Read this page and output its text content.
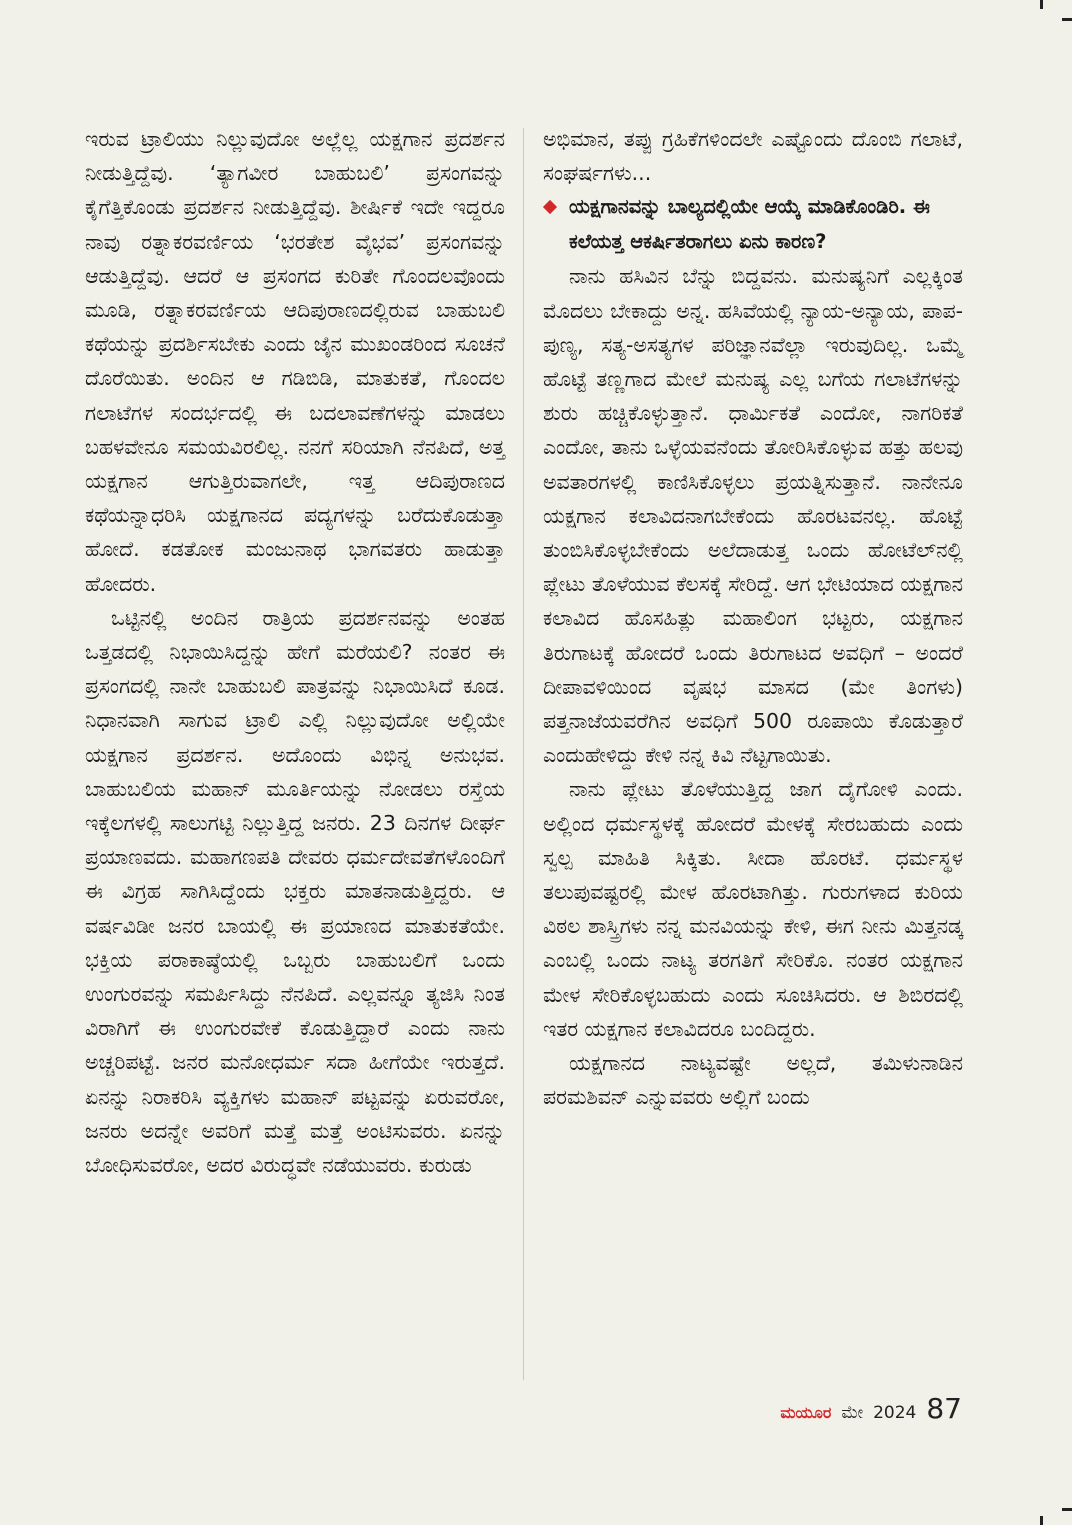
ಇರುವ ಟ್ರಾಲಿಯು ನಿಲ್ಲುವುದೋ ಅಲ್ಲೆಲ್ಲ ಯಕ್ಷಗಾನ ಪ್ರದರ್ಶನ ನೀಡುತ್ತಿದ್ದೆವು. ‘ತ್ಯಾಗವೀರ ಬಾಹುಬಲಿ’ ಪ್ರಸಂಗವನ್ನು ಕೈಗೆತ್ತಿಕೊಂಡು ಪ್ರದರ್ಶನ ನೀಡುತ್ತಿದ್ದೆವು. ಶೀರ್ಷಿಕೆ ಇದೇ ಇದ್ದರೂ ನಾವು ರತ್ನಾಕರವರ್ಣಿಯ ‘ಭರತೇಶ ವೈಭವ’ ಪ್ರಸಂಗವನ್ನು ಆಡುತ್ತಿದ್ದೆವು. ಆದರೆ ಆ ಪ್ರಸಂಗದ ಕುರಿತೇ ಗೊಂದಲವೊಂದು ಮೂಡಿ, ರತ್ನಾಕರವರ್ಣಿಯ ಆದಿಪುರಾಣದಲ್ಲಿರುವ ಬಾಹುಬಲಿ ಕಥೆಯನ್ನು ಪ್ರದರ್ಶಿಸಬೇಕು ಎಂದು ಜೈನ ಮುಖಂಡರಿಂದ ಸೂಚನೆ ದೊರೆಯಿತು. ಅಂದಿನ ಆ ಗಡಿಬಿಡಿ, ಮಾತುಕತೆ, ಗೊಂದಲ ಗಲಾಟೆಗಳ ಸಂದರ್ಭದಲ್ಲಿ ಈ ಬದಲಾವಣೆಗಳನ್ನು ಮಾಡಲು ಬಹಳವೇನೂ ಸಮಯವಿರಲಿಲ್ಲ. ನನಗೆ ಸರಿಯಾಗಿ ನೆನಪಿದೆ, ಅತ್ತ ಯಕ್ಷಗಾನ ಆಗುತ್ತಿರುವಾಗಲೇ, ಇತ್ತ ಆದಿಪುರಾಣದ ಕಥೆಯನ್ನಾಧರಿಸಿ ಯಕ್ಷಗಾನದ ಪದ್ಯಗಳನ್ನು ಬರೆದುಕೊಡುತ್ತಾ ಹೋದೆ. ಕಡತೋಕ ಮಂಜುನಾಥ ಭಾಗವತರು ಹಾಡುತ್ತಾ ಹೋದರು.

ಒಟ್ಟಿನಲ್ಲಿ ಅಂದಿನ ರಾತ್ರಿಯ ಪ್ರದರ್ಶನವನ್ನು ಅಂತಹ ಒತ್ತಡದಲ್ಲಿ ನಿಭಾಯಿಸಿದ್ದನ್ನು ಹೇಗೆ ಮರೆಯಲಿ? ನಂತರ ಈ ಪ್ರಸಂಗದಲ್ಲಿ ನಾನೇ ಬಾಹುಬಲಿ ಪಾತ್ರವನ್ನು ನಿಭಾಯಿಸಿದೆ ಕೂಡ. ನಿಧಾನವಾಗಿ ಸಾಗುವ ಟ್ರಾಲಿ ಎಲ್ಲಿ ನಿಲ್ಲುವುದೋ ಅಲ್ಲಿಯೇ ಯಕ್ಷಗಾನ ಪ್ರದರ್ಶನ. ಅದೊಂದು ವಿಭಿನ್ನ ಅನುಭವ. ಬಾಹುಬಲಿಯ ಮಹಾನ್ ಮೂರ್ತಿಯನ್ನು ನೋಡಲು ರಸ್ತೆಯ ಇಕ್ಕೆಲಗಳಲ್ಲಿ ಸಾಲುಗಟ್ಟಿ ನಿಲ್ಲುತ್ತಿದ್ದ ಜನರು. 23 ದಿನಗಳ ದೀರ್ಘ ಪ್ರಯಾಣವದು. ಮಹಾಗಣಪತಿ ದೇವರು ಧರ್ಮದೇವತೆಗಳೊಂದಿಗೆ ಈ ವಿಗ್ರಹ ಸಾಗಿಸಿದ್ದೆಂದು ಭಕ್ತರು ಮಾತನಾಡುತ್ತಿದ್ದರು. ಆ ವರ್ಷವಿಡೀ ಜನರ ಬಾಯಲ್ಲಿ ಈ ಪ್ರಯಾಣದ ಮಾತುಕತೆಯೇ. ಭಕ್ತಿಯ ಪರಾಕಾಷ್ಠೆಯಲ್ಲಿ ಒಬ್ಬರು ಬಾಹುಬಲಿಗೆ ಒಂದು ಉಂಗುರವನ್ನು ಸಮರ್ಪಿಸಿದ್ದು ನೆನಪಿದೆ. ಎಲ್ಲವನ್ನೂ ತ್ಯಜಿಸಿ ನಿಂತ ವಿರಾಗಿಗೆ ಈ ಉಂಗುರವೇಕೆ ಕೊಡುತ್ತಿದ್ದಾರೆ ಎಂದು ನಾನು ಅಚ್ಚರಿಪಟ್ಟೆ. ಜನರ ಮನೋಧರ್ಮ ಸದಾ ಹೀಗೆಯೇ ಇರುತ್ತದೆ. ಏನನ್ನು ನಿರಾಕರಿಸಿ ವ್ಯಕ್ತಿಗಳು ಮಹಾನ್ ಪಟ್ಟವನ್ನು ಏರುವರೋ, ಜನರು ಅದನ್ನೇ ಅವರಿಗೆ ಮತ್ತೆ ಮತ್ತೆ ಅಂಟಿಸುವರು. ಏನನ್ನು ಬೋಧಿಸುವರೋ, ಅದರ ವಿರುದ್ಧವೇ ನಡೆಯುವರು. ಕುರುಡು

ಅಭಿಮಾನ, ತಪ್ಪು ಗ್ರಹಿಕೆಗಳಿಂದಲೇ ಎಷ್ಟೊಂದು ದೊಂಬಿ ಗಲಾಟೆ, ಸಂಘರ್ಷಗಳು...

ಯಕ್ಷಗಾನವನ್ನು ಬಾಲ್ಯದಲ್ಲಿಯೇ ಆಯ್ಕೆ ಮಾಡಿಕೊಂಡಿರಿ. ಈ ಕಲೆಯತ್ತ ಆಕರ್ಷಿತರಾಗಲು ಏನು ಕಾರಣ?

ನಾನು ಹಸಿವಿನ ಬೆನ್ನು ಬಿದ್ದವನು. ಮನುಷ್ಯನಿಗೆ ಎಲ್ಲಕ್ಕಿಂತ ಮೊದಲು ಬೇಕಾದ್ದು ಅನ್ನ. ಹಸಿವೆಯಲ್ಲಿ ನ್ಯಾಯ-ಅನ್ಯಾಯ, ಪಾಪ-ಪುಣ್ಯ, ಸತ್ಯ-ಅಸತ್ಯಗಳ ಪರಿಜ್ಞಾನವೆಲ್ಲಾ ಇರುವುದಿಲ್ಲ. ಒಮ್ಮೆ ಹೊಟ್ಟೆ ತಣ್ಣಗಾದ ಮೇಲೆ ಮನುಷ್ಯ ಎಲ್ಲ ಬಗೆಯ ಗಲಾಟೆಗಳನ್ನು ಶುರು ಹಚ್ಚಿಕೊಳ್ಳುತ್ತಾನೆ. ಧಾರ್ಮಿಕತೆ ಎಂದೋ, ನಾಗರಿಕತೆ ಎಂದೋ, ತಾನು ಒಳ್ಳೆಯವನೆಂದು ತೋರಿಸಿಕೊಳ್ಳುವ ಹತ್ತು ಹಲವು ಅವತಾರಗಳಲ್ಲಿ ಕಾಣಿಸಿಕೊಳ್ಳಲು ಪ್ರಯತ್ನಿಸುತ್ತಾನೆ. ನಾನೇನೂ ಯಕ್ಷಗಾನ ಕಲಾವಿದನಾಗಬೇಕೆಂದು ಹೊರಟವನಲ್ಲ. ಹೊಟ್ಟೆ ತುಂಬಿಸಿಕೊಳ್ಳಬೇಕೆಂದು ಅಲೆದಾಡುತ್ತ ಒಂದು ಹೋಟೆಲ್‌ನಲ್ಲಿ ಪ್ಲೇಟು ತೊಳೆಯುವ ಕೆಲಸಕ್ಕೆ ಸೇರಿದ್ದೆ. ಆಗ ಭೇಟಿಯಾದ ಯಕ್ಷಗಾನ ಕಲಾವಿದ ಹೊಸಹಿತ್ಲು ಮಹಾಲಿಂಗ ಭಟ್ಟರು, ಯಕ್ಷಗಾನ ತಿರುಗಾಟಕ್ಕೆ ಹೋದರೆ ಒಂದು ತಿರುಗಾಟದ ಅವಧಿಗೆ – ಅಂದರೆ ದೀಪಾವಳಿಯಿಂದ ವೃಷಭ ಮಾಸದ (ಮೇ ತಿಂಗಳು) ಪತ್ತನಾಜೆಯವರೆಗಿನ ಅವಧಿಗೆ 500 ರೂಪಾಯಿ ಕೊಡುತ್ತಾರೆ ಎಂದುಹೇಳಿದ್ದು ಕೇಳಿ ನನ್ನ ಕಿವಿ ನೆಟ್ಟಗಾಯಿತು.

ನಾನು ಪ್ಲೇಟು ತೊಳೆಯುತ್ತಿದ್ದ ಜಾಗ ದೈಗೋಳಿ ಎಂದು. ಅಲ್ಲಿಂದ ಧರ್ಮಸ್ಥಳಕ್ಕೆ ಹೋದರೆ ಮೇಳಕ್ಕೆ ಸೇರಬಹುದು ಎಂದು ಸ್ವಲ್ಪ ಮಾಹಿತಿ ಸಿಕ್ಕಿತು. ಸೀದಾ ಹೊರಟೆ. ಧರ್ಮಸ್ಥಳ ತಲುಪುವಷ್ಟರಲ್ಲಿ ಮೇಳ ಹೊರಟಾಗಿತ್ತು. ಗುರುಗಳಾದ ಕುರಿಯ ವಿಠಲ ಶಾಸ್ತ್ರಿಗಳು ನನ್ನ ಮನವಿಯನ್ನು ಕೇಳಿ, ಈಗ ನೀನು ಮಿತ್ತನಡ್ಕ ಎಂಬಲ್ಲಿ ಒಂದು ನಾಟ್ಯ ತರಗತಿಗೆ ಸೇರಿಕೊ. ನಂತರ ಯಕ್ಷಗಾನ ಮೇಳ ಸೇರಿಕೊಳ್ಳಬಹುದು ಎಂದು ಸೂಚಿಸಿದರು. ಆ ಶಿಬಿರದಲ್ಲಿ ಇತರ ಯಕ್ಷಗಾನ ಕಲಾವಿದರೂ ಬಂದಿದ್ದರು.

ಯಕ್ಷಗಾನದ ನಾಟ್ಯವಷ್ಟೇ ಅಲ್ಲದೆ, ತಮಿಳುನಾಡಿನ ಪರಮಶಿವನ್ ಎನ್ನುವವರು ಅಲ್ಲಿಗೆ ಬಂದು

ಮಯೂರ ಮೇ 2024 87
